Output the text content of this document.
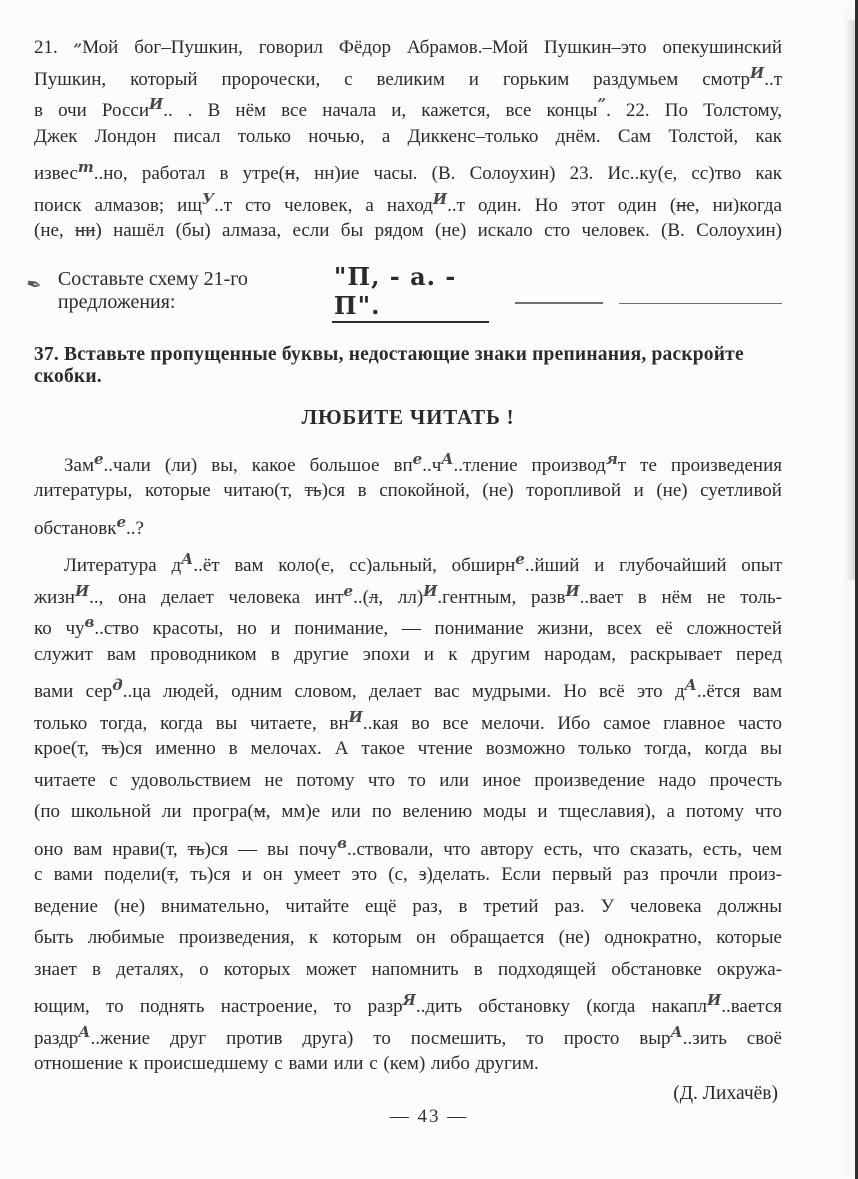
21. „Мой бог–Пушкин, говорил Фёдор Абрамов.–Мой Пушкин–это опекушинский
Пушкин, который пророчески, с великим и горьким раздумьем смотр$^И$..т
в очи Росси$^И$.. . В нём все начала и, кажется, все концы”. 22. По Толстому,
Джек Лондон писал только ночью, а Диккенс–только днём. Сам Толстой, как
извес$^т$..но, работал в утре(н, нн)ие часы. (В. Солоухин) 23. Ис..ку(с, сс)тво как
поиск алмазов; $ищ^У..т$ сто человек, а наход$^И$..т один. Но этот один (не, ни)когда
(не, ни) нашёл (бы) алмаза, если бы рядом (не) искало сто человек. (В. Солоухин)
✒
Составьте схему 21-го предложения:
"П, - а. - П".
37. Вставьте пропущенные буквы, недостающие знаки препинания, раскройте скобки.
ЛЮБИТЕ ЧИТАТЬ !
Зам$^е$..чали (ли) вы, какое большое $вп^е..ч^А..тление$ производ$^я$т те произведения
литературы, которые читаю(т, ть)ся в спокойной, (не) торопливой и (не) суетливой
обстановк$^е$..?
Литература $д^А..ёт$ вам коло(с, сс)альный, обширн$^е$..йший и глубочайший опыт
жизн$^И$.., она делает человека инт$^е$..(л, лл)$^И$.гентным, разв$^И$..вает в нём не толь-
ко $чу^в..ство$ красоты, но и понимание, — понимание жизни, всех её сложностей
служит вам проводником в другие эпохи и к другим народам, раскрывает перед
вами сер$^д$..ца людей, одним словом, делает вас мудрыми. Но всё это $д^А..ётся$ вам
только тогда, когда вы читаете, $вн^И..кая$ во все мелочи. Ибо самое главное часто
крое(т, ть)ся именно в мелочах. А такое чтение возможно только тогда, когда вы
читаете с удовольствием не потому что то или иное произведение надо прочесть
(по школьной ли програ(м, мм)е или по велению моды и тщеславия), а потому что
оно вам нрави(т, ть)ся — вы почу$^в$..ствовали, что автору есть, что сказать, есть, чем
с вами подели(т, ть)ся и он умеет это (с, з)делать. Если первый раз прочли произ-
ведение (не) внимательно, читайте ещё раз, в третий раз. У человека должны
быть любимые произведения, к которым он обращается (не) однократно, которые
знает в деталях, о которых может напомнить в подходящей обстановке окружа-
ющим, то поднять настроение, то разр$^Я$..дить обстановку (когда накапл$^И$..вается
раздр$^А$..жение друг против друга) то посмешить, то просто выр$^А$..зить своё
отношение к происшедшему с вами или с (кем) либо другим.
(Д. Лихачёв)
— 43 —
